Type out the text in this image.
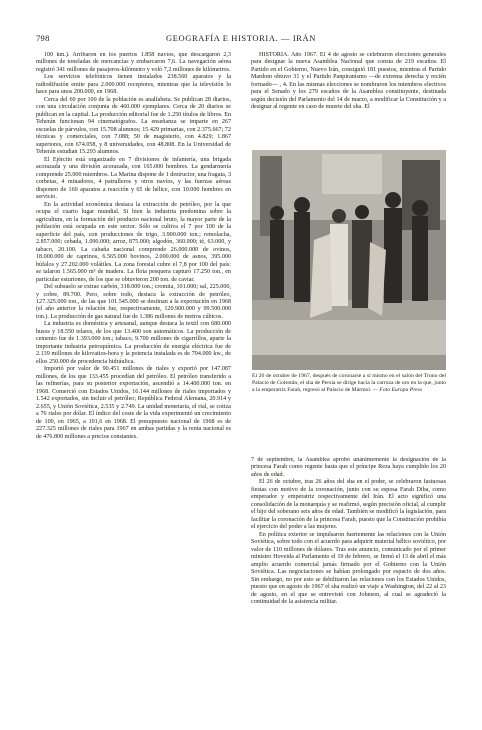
798	GEOGRAFÍA E HISTORIA. — IRÁN

100 km.). Arribaron en los puertos 1.858 navíos, que descargaron 2,3 millones de toneladas de mercancías y embarcaron 7,6. La navegación aérea registró 341 millones de pasajeros-kilómetro y voló 7,2 millones de kilómetros.

Los servicios telefónicos tienen instalados 238.560 aparatos y la radiodifusión emite para 2.000.000 receptores, mientras que la televisión lo hace para unos 200.000, en 1968.

Cerca del 60 por 100 de la población es analfabeta. Se publican 28 diarios, con una circulación conjunta de 460.000 ejemplares. Cerca de 20 diarios se publican en la capital. La producción editorial fue de 1.250 títulos de libros. En Teherán funcionan 94 cinematógrafos. La enseñanza se imparte en 267 escuelas de párvulos, con 15.708 alumnos; 15.429 primarias, con 2.375.667; 72 técnicas y comerciales, con 7.088; 50 de magisterio, con 4.829; 1.867 superiores, con 674.058, y 8 universidades, con 48.808. En la Universidad de Teherán estudian 15.293 alumnos.

El Ejército está organizado en 7 divisiones de infantería, una brigada acorazada y una división acorazada, con 165.000 hombres. La gendarmería comprende 25.000 miembros. La Marina dispone de 1 destructor, una fragata, 3 corbetas, 4 minadores, 4 patrulleros y otros navíos, y las fuerzas aéreas disponen de 160 aparatos a reacción y 65 de hélice, con 10.000 hombres en servicio.

En la actividad económica destaca la extracción de petróleo, por la que ocupa el cuarto lugar mundial. Si bien la industria predomina sobre la agricultura, en la formación del producto nacional bruto, la mayor parte de la población está ocupada en este sector. Sólo se cultiva el 7 por 100 de la superficie del país, con producciones de trigo, 3.900.000 ton.; remolacha, 2.857.000; cebada, 1.090.000; arroz, 875.000; algodón, 360.000; té, 63.000, y tabaco, 20.100. La cabaña nacional comprende 26.000.000 de ovinos, 18.000.000 de caprinos, 6.565.000 bovinos, 2.000.000 de asnos, 395.000 búfalos y 27.202.000 volátiles. La zona forestal cubre el 7,8 por 100 del país: se talaron 1.565.000 m³ de madera. La flota pesquera capturó 17.250 ton., en particular esturiones, de los que se obtuvieron 200 ton. de caviar.

Del subsuelo se extrae carbón, 318.000 ton.; cromita, 101.000; sal, 225.000, y cobre, 89.700. Pero, sobre todo, destaca la extracción de petróleo, 127.325.000 ton., de las que 101.545.000 se destinan a la exportación en 1968 (el año anterior la relación fue, respectivamente, 120.900.000 y 99.500.000 ton.). La producción de gas natural fue de 1.386 millones de metros cúbicos.

La industria es doméstica y artesanal, aunque destaca la textil con 680.000 husos y 18.550 telares, de los que 13.400 son automáticos. La producción de cemento fue de 1.393.000 ton.; tabaco, 9.700 millones de cigarrillos, aparte la importante industria petroquímica. La producción de energía eléctrica fue de 2.139 millones de kilovatios-hora y la potencia instalada es de 794.000 kw., de ellos 250.000 de procedencia hidráulica.

Importó por valor de 90.451 millones de riales y exportó por 147.087 millones, de los que 133.455 procedían del petróleo. El petróleo transferido a las refinerías, para su posterior exportación, ascendió a 14.400.000 ton. en 1968. Comerció con Estados Unidos, 16.144 millones de riales importados y 1.542 exportados, sin incluir el petróleo; República Federal Alemana, 20.914 y 2.655, y Unión Soviética, 2.535 y 2.749. La unidad monetaria, el rial, se cotiza a 76 riales por dólar. El índice del coste de la vida experimentó un crecimiento de 100, en 1965, a 101,6 en 1968. El presupuesto nacional de 1968 es de 227.325 millones de riales para 1967 en ambas partidas y la renta nacional es de 476.800 millones a precios constantes.

HISTORIA. Año 1967. El 4 de agosto se celebraron elecciones generales para designar la nueva Asamblea Nacional que consta de 219 escaños. El Partido en el Gobierno, Nuevo Irán, consiguió 181 puestos, mientras el Partido Mardom obtuvo 31 y el Partido Panpiranismo —de extrema derecha y recién formado— , 4. En las mismas elecciones se nombraron los miembros electivos para el Senado y los 279 escaños de la Asamblea constituyente, destinada según decisión del Parlamento del 14 de marzo, a modificar la Constitución y a designar al regente en caso de muerte del sha. El

El 26 de octubre de 1967, después de coronarse a sí mismo en el salón del Trono del Palacio de Golestán, el sha de Persia se dirige hacia la carroza de oro en la que, junto a la emperatriz Farah, regresó al Palacio de Mármol. — Foto Europa Press

7 de septiembre, la Asamblea aprobó unánimemente la designación de la princesa Farah como regente hasta que el príncipe Reza haya cumplido los 20 años de edad.

El 26 de octubre, tras 26 años del sha en el poder, se celebraron fastuosas fiestas con motivo de la coronación, junto con su esposa Farah Diba, como emperador y emperatriz respectivamente del Irán. El acto significó una consolidación de la monarquía y se reafirmó, según precisión oficial, al cumplir el hijo del soberano seis años de edad. También se modificó la legislación, para facilitar la coronación de la princesa Farah, puesto que la Constitución prohibía el ejercicio del poder a las mujeres.

En política exterior se impulsaron fuertemente las relaciones con la Unión Soviética, sobre todo con el acuerdo para adquirir material bélico soviético, por valor de 110 millones de dólares. Tras este anuncio, comunicado por el primer ministro Hoveida al Parlamento el 19 de febrero, se firmó el 13 de abril el más amplio acuerdo comercial jamás firmado por el Gobierno con la Unión Soviética. Las negociaciones se habían prolongado por espacio de dos años. Sin embargo, no por esto se debilitaron las relaciones con los Estados Unidos, puesto que en agosto de 1967 el sha realizó un viaje a Washington, del 22 al 23 de agosto, en el que se entrevistó con Johnson, al cual se agradeció la continuidad de la asistencia militar.
